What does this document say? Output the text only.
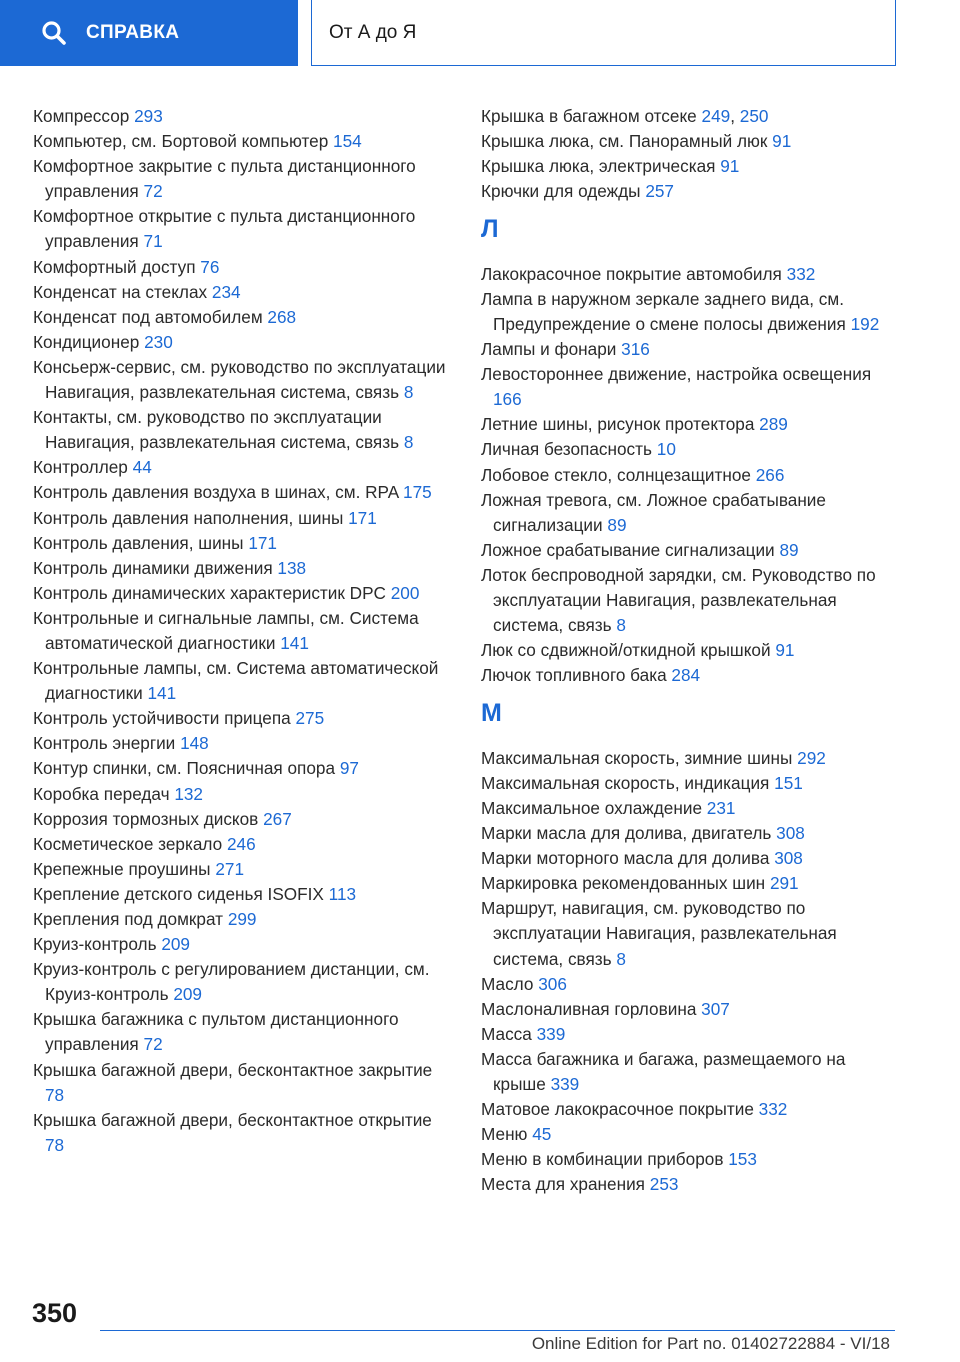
СПРАВКА	От А до Я
Компрессор 293
Компьютер, см. Бортовой компьютер 154
Комфортное закрытие с пульта дистанционного управления 72
Комфортное открытие с пульта дистанционного управления 71
Комфортный доступ 76
Конденсат на стеклах 234
Конденсат под автомобилем 268
Кондиционер 230
Консьерж-сервис, см. руководство по эксплуатации Навигация, развлекательная система, связь 8
Контакты, см. руководство по эксплуатации Навигация, развлекательная система, связь 8
Контроллер 44
Контроль давления воздуха в шинах, см. RPA 175
Контроль давления наполнения, шины 171
Контроль давления, шины 171
Контроль динамики движения 138
Контроль динамических характеристик DPC 200
Контрольные и сигнальные лампы, см. Система автоматической диагностики 141
Контрольные лампы, см. Система автоматической диагностики 141
Контроль устойчивости прицепа 275
Контроль энергии 148
Контур спинки, см. Поясничная опора 97
Коробка передач 132
Коррозия тормозных дисков 267
Косметическое зеркало 246
Крепежные проушины 271
Крепление детского сиденья ISOFIX 113
Крепления под домкрат 299
Круиз-контроль 209
Круиз-контроль с регулированием дистанции, см. Круиз-контроль 209
Крышка багажника с пультом дистанционного управления 72
Крышка багажной двери, бесконтактное закрытие 78
Крышка багажной двери, бесконтактное открытие 78
Крышка в багажном отсеке 249, 250
Крышка люка, см. Панорамный люк 91
Крышка люка, электрическая 91
Крючки для одежды 257
Л
Лакокрасочное покрытие автомобиля 332
Лампа в наружном зеркале заднего вида, см. Предупреждение о смене полосы движения 192
Лампы и фонари 316
Левостороннее движение, настройка освещения 166
Летние шины, рисунок протектора 289
Личная безопасность 10
Лобовое стекло, солнцезащитное 266
Ложная тревога, см. Ложное срабатывание сигнализации 89
Ложное срабатывание сигнализации 89
Лоток беспроводной зарядки, см. Руководство по эксплуатации Навигация, развлекательная система, связь 8
Люк со сдвижной/откидной крышкой 91
Лючок топливного бака 284
М
Максимальная скорость, зимние шины 292
Максимальная скорость, индикация 151
Максимальное охлаждение 231
Марки масла для долива, двигатель 308
Марки моторного масла для долива 308
Маркировка рекомендованных шин 291
Маршрут, навигация, см. руководство по эксплуатации Навигация, развлекательная система, связь 8
Масло 306
Маслоналивная горловина 307
Масса 339
Масса багажника и багажа, размещаемого на крыше 339
Матовое лакокрасочное покрытие 332
Меню 45
Меню в комбинации приборов 153
Места для хранения 253
350
Online Edition for Part no. 01402722884 - VI/18
